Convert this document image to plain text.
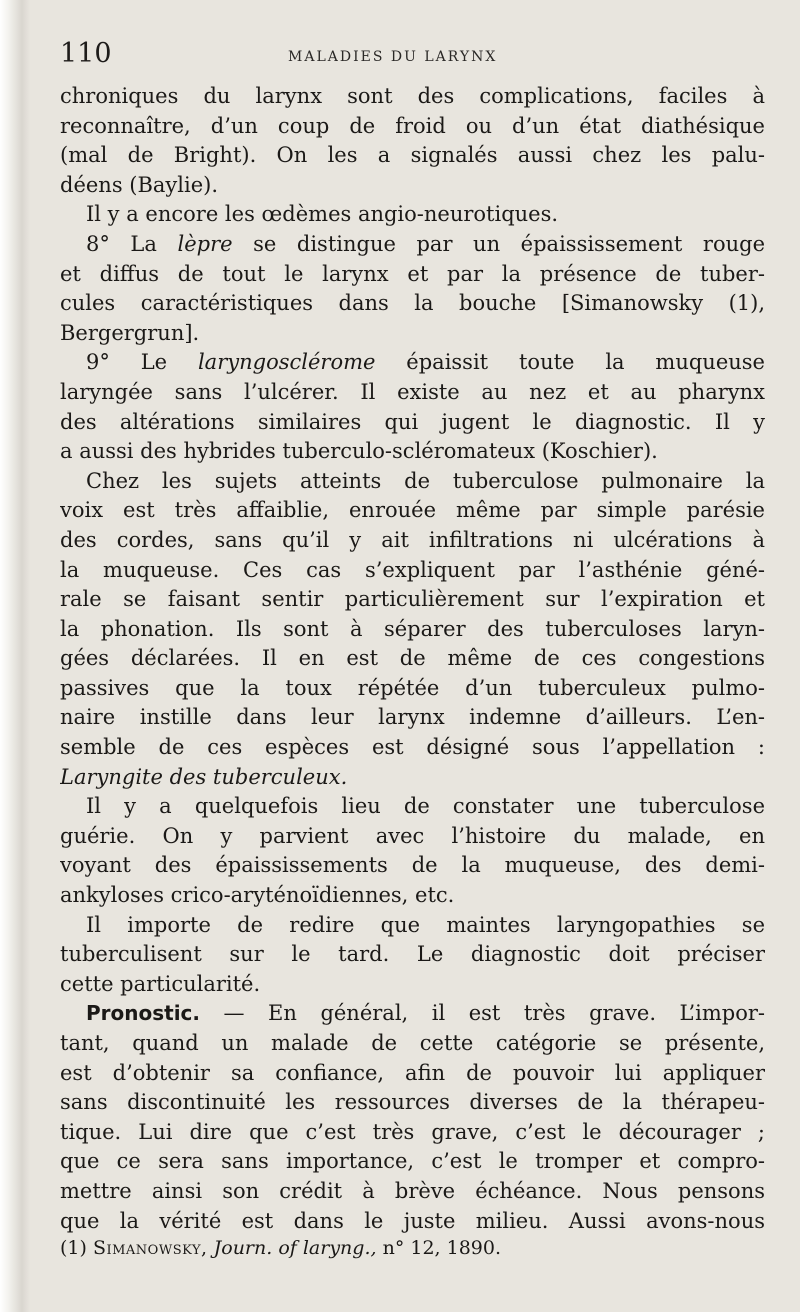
110	MALADIES DU LARYNX
chroniques du larynx sont des complications, faciles à
reconnaître, d’un coup de froid ou d’un état diathésique
(mal de Bright). On les a signalés aussi chez les palu-
déens (Baylie).
Il y a encore les œdèmes angio-neurotiques.
8° La lèpre se distingue par un épaississement rouge
et diffus de tout le larynx et par la présence de tuber-
cules caractéristiques dans la bouche [Simanowsky (1),
Bergergrun].
9° Le laryngosclérome épaissit toute la muqueuse
laryngée sans l’ulcérer. Il existe au nez et au pharynx
des altérations similaires qui jugent le diagnostic. Il y
a aussi des hybrides tuberculo-scléromateux (Koschier).
Chez les sujets atteints de tuberculose pulmonaire la
voix est très affaiblie, enrouée même par simple parésie
des cordes, sans qu’il y ait infiltrations ni ulcérations à
la muqueuse. Ces cas s’expliquent par l’asthénie géné-
rale se faisant sentir particulièrement sur l’expiration et
la phonation. Ils sont à séparer des tuberculoses laryn-
gées déclarées. Il en est de même de ces congestions
passives que la toux répétée d’un tuberculeux pulmo-
naire instille dans leur larynx indemne d’ailleurs. L’en-
semble de ces espèces est désigné sous l’appellation :
Laryngite des tuberculeux.
Il y a quelquefois lieu de constater une tuberculose
guérie. On y parvient avec l’histoire du malade, en
voyant des épaississements de la muqueuse, des demi-
ankyloses crico-aryténoïdiennes, etc.
Il importe de redire que maintes laryngopathies se
tuberculisent sur le tard. Le diagnostic doit préciser
cette particularité.
Pronostic. — En général, il est très grave. L’impor-
tant, quand un malade de cette catégorie se présente,
est d’obtenir sa confiance, afin de pouvoir lui appliquer
sans discontinuité les ressources diverses de la thérapeu-
tique. Lui dire que c’est très grave, c’est le décourager ;
que ce sera sans importance, c’est le tromper et compro-
mettre ainsi son crédit à brève échéance. Nous pensons
que la vérité est dans le juste milieu. Aussi avons-nous
(1) Simanowsky, Journ. of laryng., n° 12, 1890.
